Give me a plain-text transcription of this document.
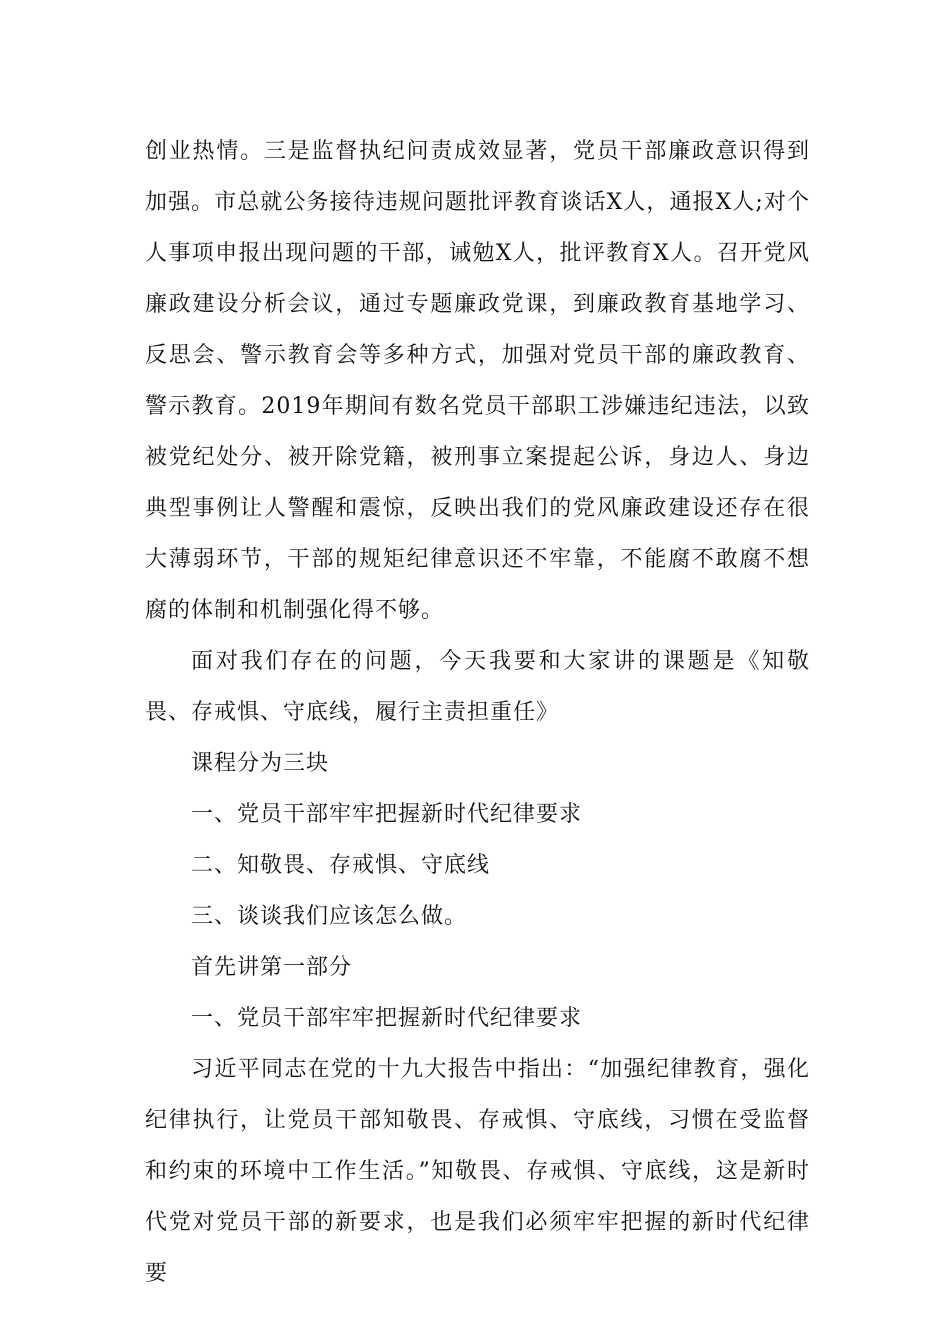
创业热情。三是监督执纪问责成效显著，党员干部廉政意识得到加强。市总就公务接待违规问题批评教育谈话X人，通报X人;对个人事项申报出现问题的干部，诫勉X人，批评教育X人。召开党风廉政建设分析会议，通过专题廉政党课，到廉政教育基地学习、反思会、警示教育会等多种方式，加强对党员干部的廉政教育、警示教育。2019年期间有数名党员干部职工涉嫌违纪违法，以致被党纪处分、被开除党籍，被刑事立案提起公诉，身边人、身边典型事例让人警醒和震惊，反映出我们的党风廉政建设还存在很大薄弱环节，干部的规矩纪律意识还不牢靠，不能腐不敢腐不想腐的体制和机制强化得不够。

面对我们存在的问题，今天我要和大家讲的课题是《知敬畏、存戒惧、守底线，履行主责担重任》

课程分为三块

一、党员干部牢牢把握新时代纪律要求

二、知敬畏、存戒惧、守底线

三、谈谈我们应该怎么做。

首先讲第一部分

一、党员干部牢牢把握新时代纪律要求

习近平同志在党的十九大报告中指出：“加强纪律教育，强化纪律执行，让党员干部知敬畏、存戒惧、守底线，习惯在受监督和约束的环境中工作生活。”知敬畏、存戒惧、守底线，这是新时代党对党员干部的新要求，也是我们必须牢牢把握的新时代纪律要
